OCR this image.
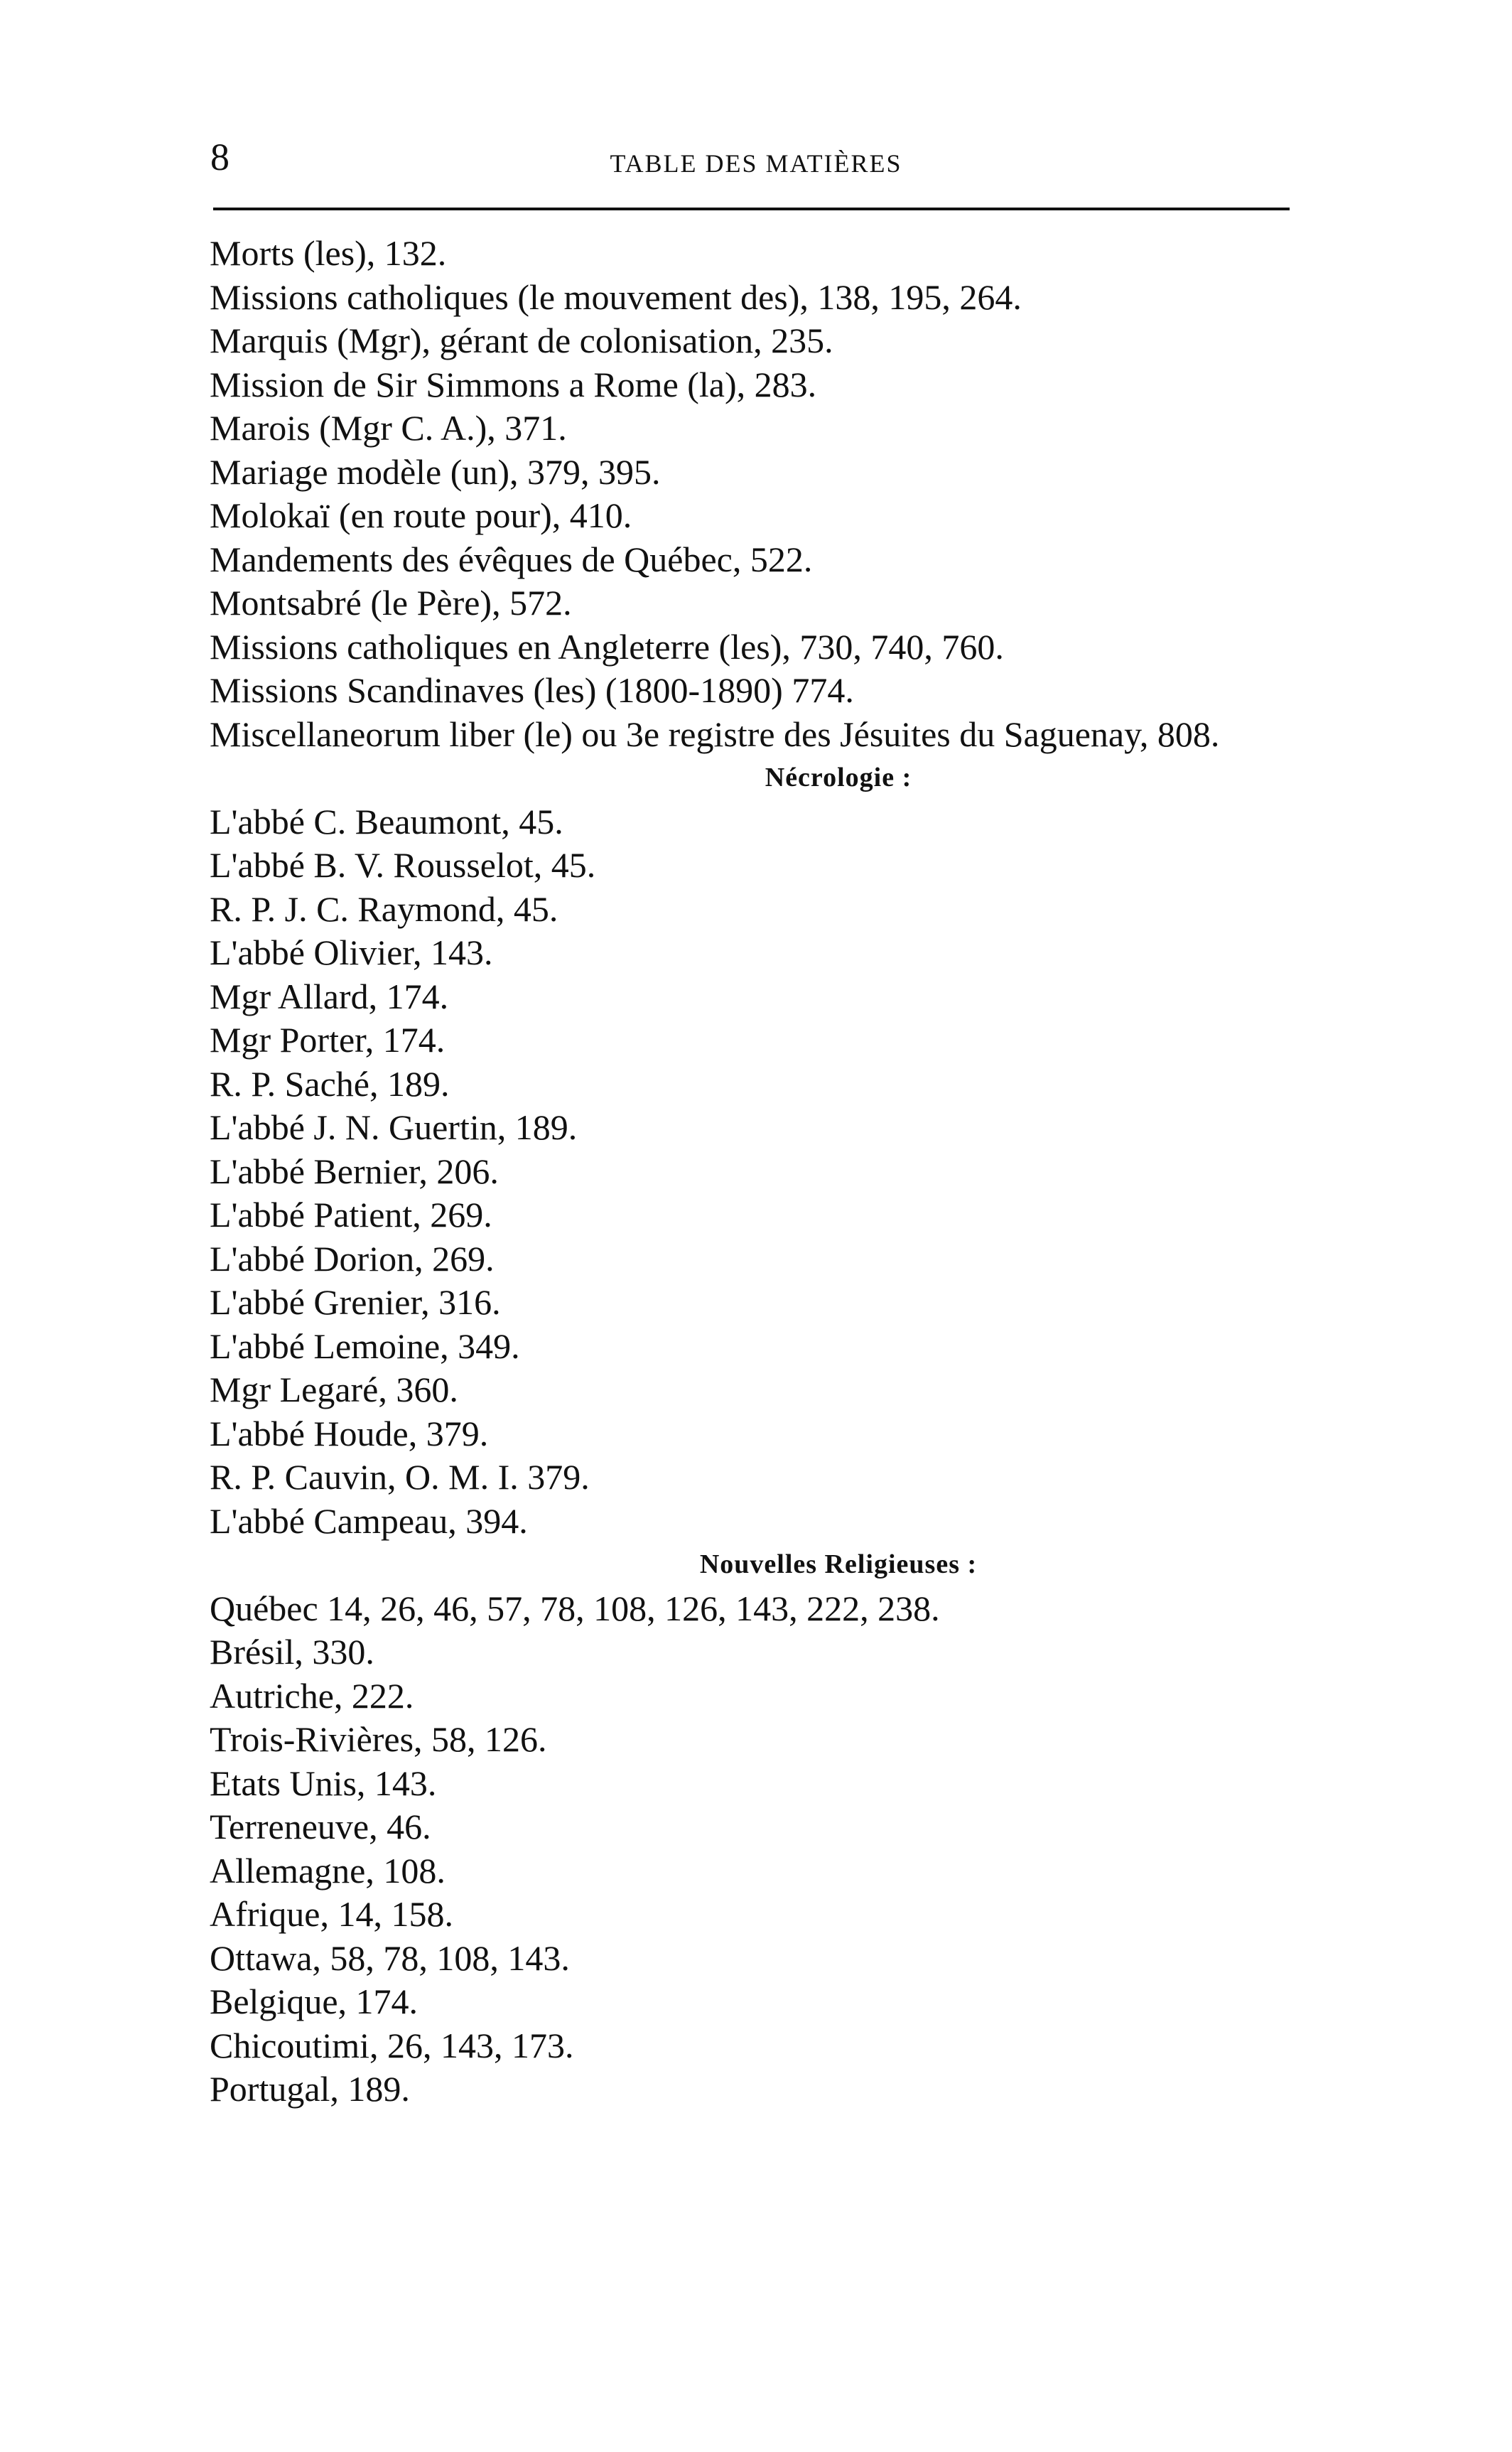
8	TABLE DES MATIÈRES
Morts (les), 132.
Missions catholiques (le mouvement des), 138, 195, 264.
Marquis (Mgr), gérant de colonisation, 235.
Mission de Sir Simmons a Rome (la), 283.
Marois (Mgr C. A.), 371.
Mariage modèle (un), 379, 395.
Molokaï (en route pour), 410.
Mandements des évêques de Québec, 522.
Montsabré (le Père), 572.
Missions catholiques en Angleterre (les), 730, 740, 760.
Missions Scandinaves (les) (1800-1890) 774.
Miscellaneorum liber (le) ou 3e registre des Jésuites du Saguenay, 808.
Nécrologie :
L'abbé C. Beaumont, 45.
L'abbé B. V. Rousselot, 45.
R. P. J. C. Raymond, 45.
L'abbé Olivier, 143.
Mgr Allard, 174.
Mgr Porter, 174.
R. P. Saché, 189.
L'abbé J. N. Guertin, 189.
L'abbé Bernier, 206.
L'abbé Patient, 269.
L'abbé Dorion, 269.
L'abbé Grenier, 316.
L'abbé Lemoine, 349.
Mgr Legaré, 360.
L'abbé Houde, 379.
R. P. Cauvin, O. M. I. 379.
L'abbé Campeau, 394.
Nouvelles Religieuses :
Québec 14, 26, 46, 57, 78, 108, 126, 143, 222, 238.
Brésil, 330.
Autriche, 222.
Trois-Rivières, 58, 126.
Etats Unis, 143.
Terreneuve, 46.
Allemagne, 108.
Afrique, 14, 158.
Ottawa, 58, 78, 108, 143.
Belgique, 174.
Chicoutimi, 26, 143, 173.
Portugal, 189.
